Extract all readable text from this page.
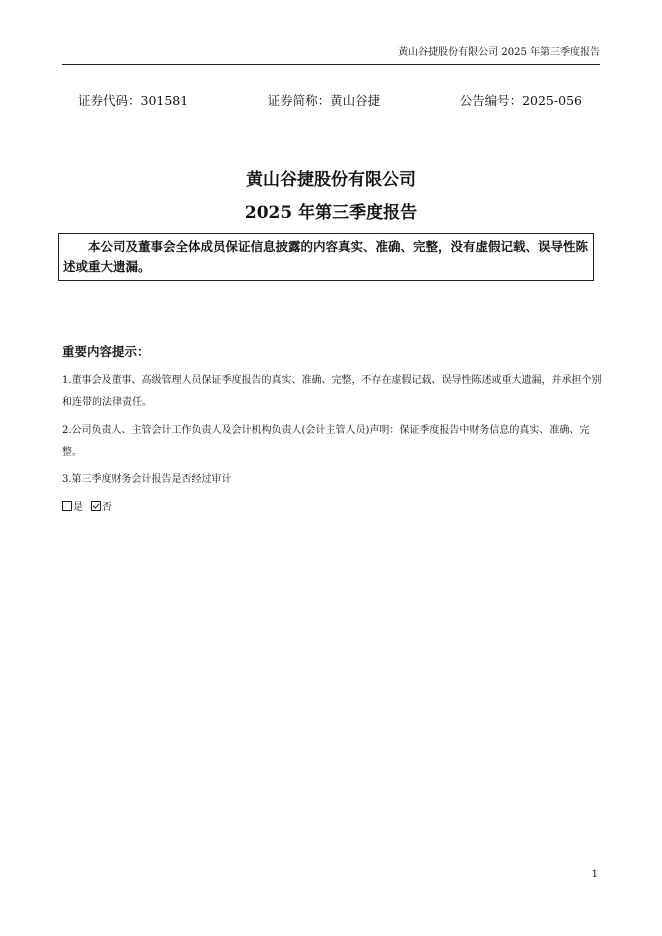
黄山谷捷股份有限公司 2025 年第三季度报告
证券代码：301581	证券简称：黄山谷捷	公告编号：2025-056
黄山谷捷股份有限公司
2025 年第三季度报告
本公司及董事会全体成员保证信息披露的内容真实、准确、完整，没有虚假记载、误导性陈述或重大遗漏。
重要内容提示：
1.董事会及董事、高级管理人员保证季度报告的真实、准确、完整，不存在虚假记载、误导性陈述或重大遗漏，并承担个别和连带的法律责任。
2.公司负责人、主管会计工作负责人及会计机构负责人(会计主管人员)声明：保证季度报告中财务信息的真实、准确、完整。
3.第三季度财务会计报告是否经过审计
是 否
1
